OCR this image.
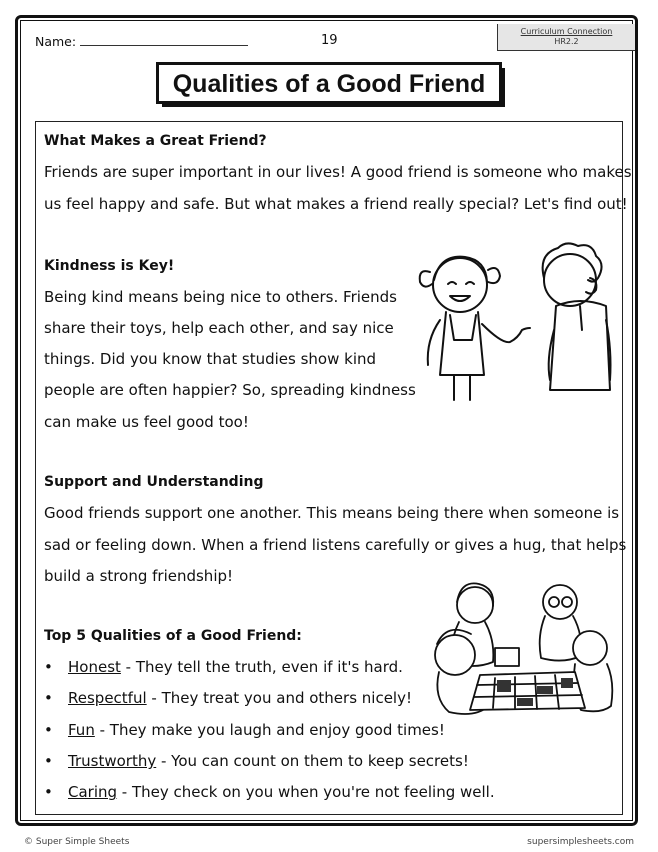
Name:	19
Curriculum Connection
HR2.2
Qualities of a Good Friend
What Makes a Great Friend?
Friends are super important in our lives! A good friend is someone who makes
us feel happy and safe. But what makes a friend really special? Let's find out!
Kindness is Key!
Being kind means being nice to others. Friends
share their toys, help each other, and say nice
things. Did you know that studies show kind
people are often happier? So, spreading kindness
can make us feel good too!
Support and Understanding
Good friends support one another. This means being there when someone is
sad or feeling down. When a friend listens carefully or gives a hug, that helps
build a strong friendship!
Top 5 Qualities of a Good Friend:
• Honest - They tell the truth, even if it's hard.
• Respectful - They treat you and others nicely!
• Fun - They make you laugh and enjoy good times!
• Trustworthy - You can count on them to keep secrets!
• Caring - They check on you when you're not feeling well.
© Super Simple Sheets	supersimplesheets.com
